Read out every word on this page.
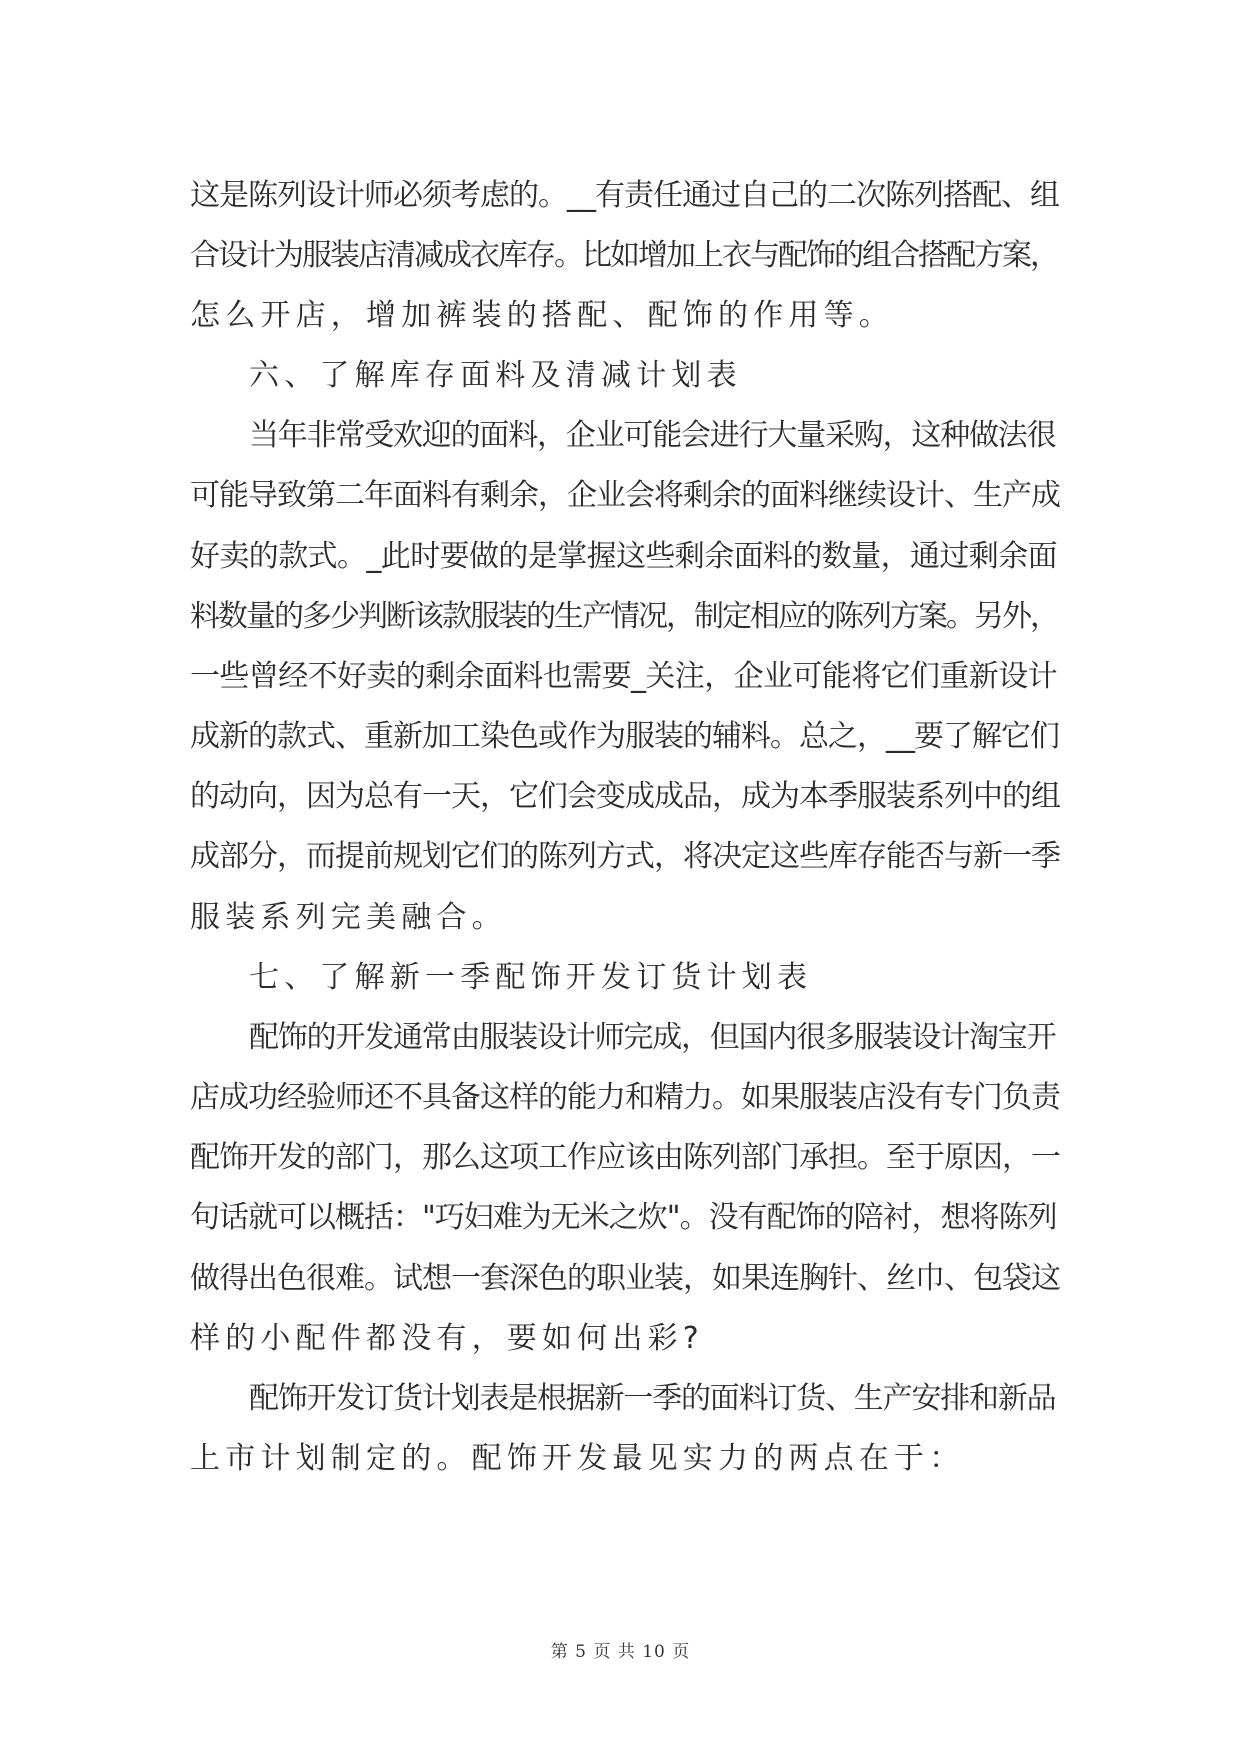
这是陈列设计师必须考虑的。__有责任通过自己的二次陈列搭配、组
合设计为服装店清减成衣库存。比如增加上衣与配饰的组合搭配方案，
怎么开店，增加裤装的搭配、配饰的作用等。
六、了解库存面料及清减计划表
当年非常受欢迎的面料，企业可能会进行大量采购，这种做法很
可能导致第二年面料有剩余，企业会将剩余的面料继续设计、生产成
好卖的款式。_此时要做的是掌握这些剩余面料的数量，通过剩余面
料数量的多少判断该款服装的生产情况，制定相应的陈列方案。另外，
一些曾经不好卖的剩余面料也需要_关注，企业可能将它们重新设计
成新的款式、重新加工染色或作为服装的辅料。总之，__要了解它们
的动向，因为总有一天，它们会变成成品，成为本季服装系列中的组
成部分，而提前规划它们的陈列方式，将决定这些库存能否与新一季
服装系列完美融合。
七、了解新一季配饰开发订货计划表
配饰的开发通常由服装设计师完成，但国内很多服装设计淘宝开
店成功经验师还不具备这样的能力和精力。如果服装店没有专门负责
配饰开发的部门，那么这项工作应该由陈列部门承担。至于原因，一
句话就可以概括："巧妇难为无米之炊"。没有配饰的陪衬，想将陈列
做得出色很难。试想一套深色的职业装，如果连胸针、丝巾、包袋这
样的小配件都没有，要如何出彩?
配饰开发订货计划表是根据新一季的面料订货、生产安排和新品
上市计划制定的。配饰开发最见实力的两点在于：
第 5 页 共 10 页
